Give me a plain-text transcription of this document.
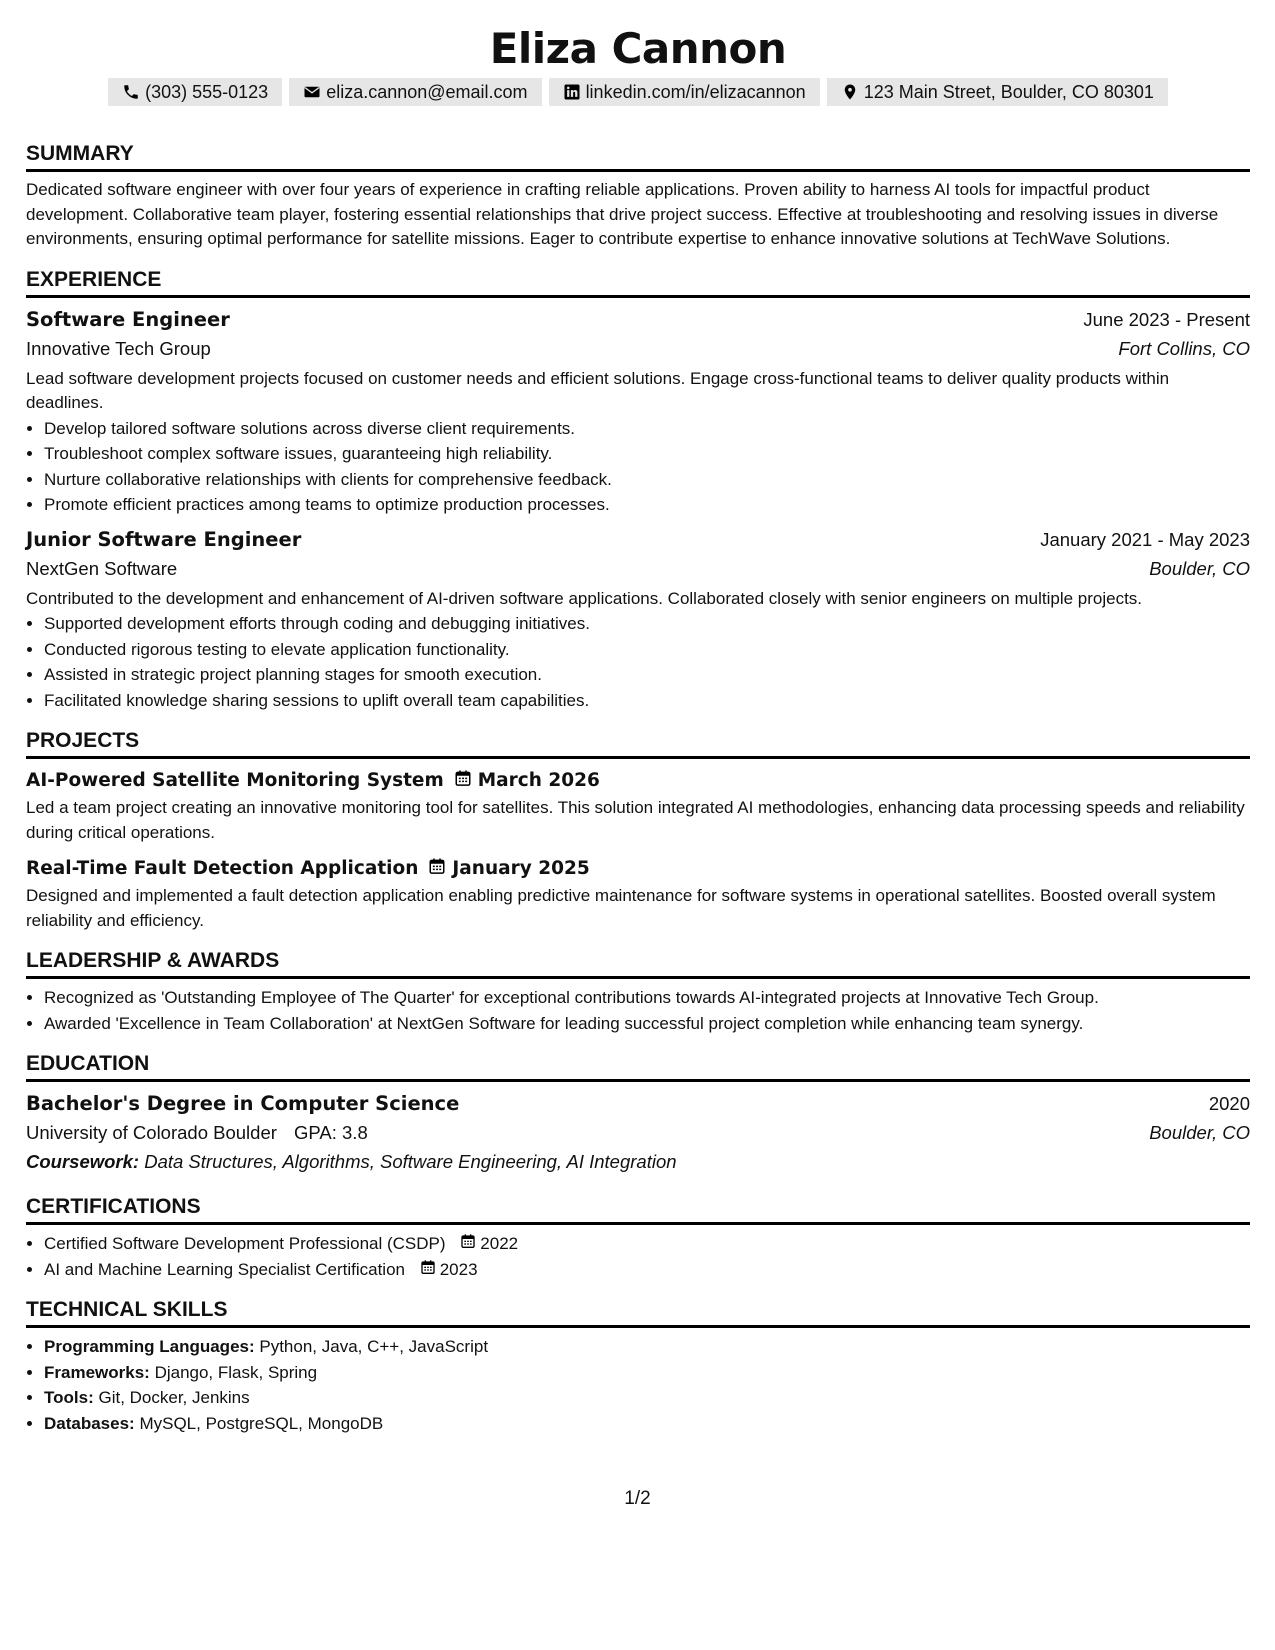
Eliza Cannon
(303) 555-0123	eliza.cannon@email.com	linkedin.com/in/elizacannon	123 Main Street, Boulder, CO 80301
SUMMARY
Dedicated software engineer with over four years of experience in crafting reliable applications. Proven ability to harness AI tools for impactful product development. Collaborative team player, fostering essential relationships that drive project success. Effective at troubleshooting and resolving issues in diverse environments, ensuring optimal performance for satellite missions. Eager to contribute expertise to enhance innovative solutions at TechWave Solutions.
EXPERIENCE
Software Engineer	June 2023 - Present
Innovative Tech Group	Fort Collins, CO
Lead software development projects focused on customer needs and efficient solutions. Engage cross-functional teams to deliver quality products within deadlines.
• Develop tailored software solutions across diverse client requirements.
• Troubleshoot complex software issues, guaranteeing high reliability.
• Nurture collaborative relationships with clients for comprehensive feedback.
• Promote efficient practices among teams to optimize production processes.
Junior Software Engineer	January 2021 - May 2023
NextGen Software	Boulder, CO
Contributed to the development and enhancement of AI-driven software applications. Collaborated closely with senior engineers on multiple projects.
• Supported development efforts through coding and debugging initiatives.
• Conducted rigorous testing to elevate application functionality.
• Assisted in strategic project planning stages for smooth execution.
• Facilitated knowledge sharing sessions to uplift overall team capabilities.
PROJECTS
AI-Powered Satellite Monitoring System March 2026
Led a team project creating an innovative monitoring tool for satellites. This solution integrated AI methodologies, enhancing data processing speeds and reliability during critical operations.
Real-Time Fault Detection Application January 2025
Designed and implemented a fault detection application enabling predictive maintenance for software systems in operational satellites. Boosted overall system reliability and efficiency.
LEADERSHIP & AWARDS
• Recognized as 'Outstanding Employee of The Quarter' for exceptional contributions towards AI-integrated projects at Innovative Tech Group.
• Awarded 'Excellence in Team Collaboration' at NextGen Software for leading successful project completion while enhancing team synergy.
EDUCATION
Bachelor's Degree in Computer Science	2020
University of Colorado Boulder GPA: 3.8	Boulder, CO
Coursework: Data Structures, Algorithms, Software Engineering, AI Integration
CERTIFICATIONS
• Certified Software Development Professional (CSDP) 2022
• AI and Machine Learning Specialist Certification 2023
TECHNICAL SKILLS
• Programming Languages: Python, Java, C++, JavaScript
• Frameworks: Django, Flask, Spring
• Tools: Git, Docker, Jenkins
• Databases: MySQL, PostgreSQL, MongoDB
1/2
